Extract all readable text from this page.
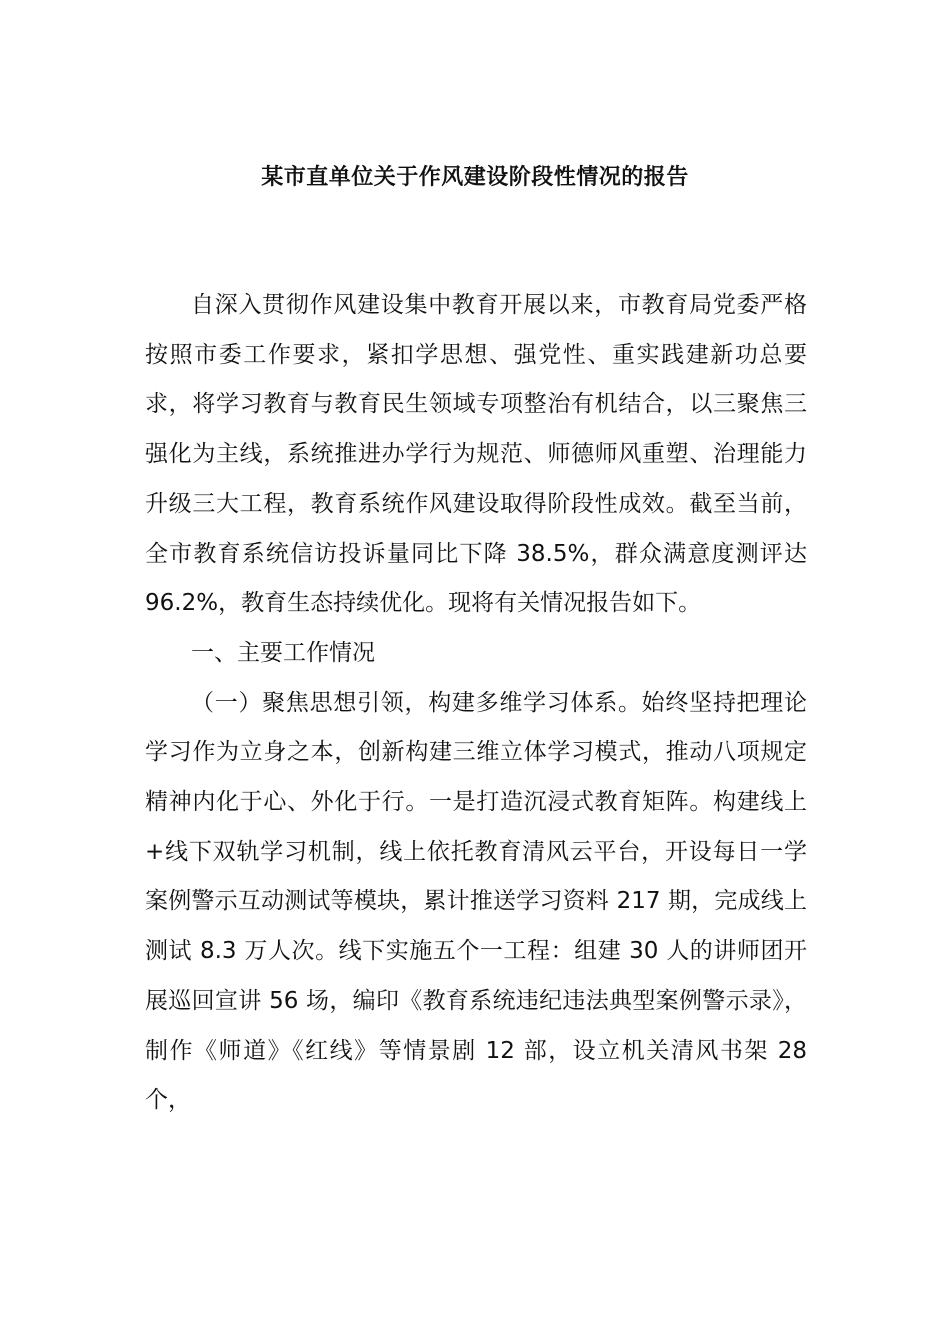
某市直单位关于作风建设阶段性情况的报告

自深入贯彻作风建设集中教育开展以来，市教育局党委严格按照市委工作要求，紧扣学思想、强党性、重实践建新功总要求，将学习教育与教育民生领域专项整治有机结合，以三聚焦三强化为主线，系统推进办学行为规范、师德师风重塑、治理能力升级三大工程，教育系统作风建设取得阶段性成效。截至当前，全市教育系统信访投诉量同比下降 38.5%，群众满意度测评达 96.2%，教育生态持续优化。现将有关情况报告如下。

一、主要工作情况

（一）聚焦思想引领，构建多维学习体系。始终坚持把理论学习作为立身之本，创新构建三维立体学习模式，推动八项规定精神内化于心、外化于行。一是打造沉浸式教育矩阵。构建线上+线下双轨学习机制，线上依托教育清风云平台，开设每日一学案例警示互动测试等模块，累计推送学习资料 217 期，完成线上测试 8.3 万人次。线下实施五个一工程：组建 30 人的讲师团开展巡回宣讲 56 场，编印《教育系统违纪违法典型案例警示录》，制作《师道》《红线》等情景剧 12 部，设立机关清风书架 28 个，
